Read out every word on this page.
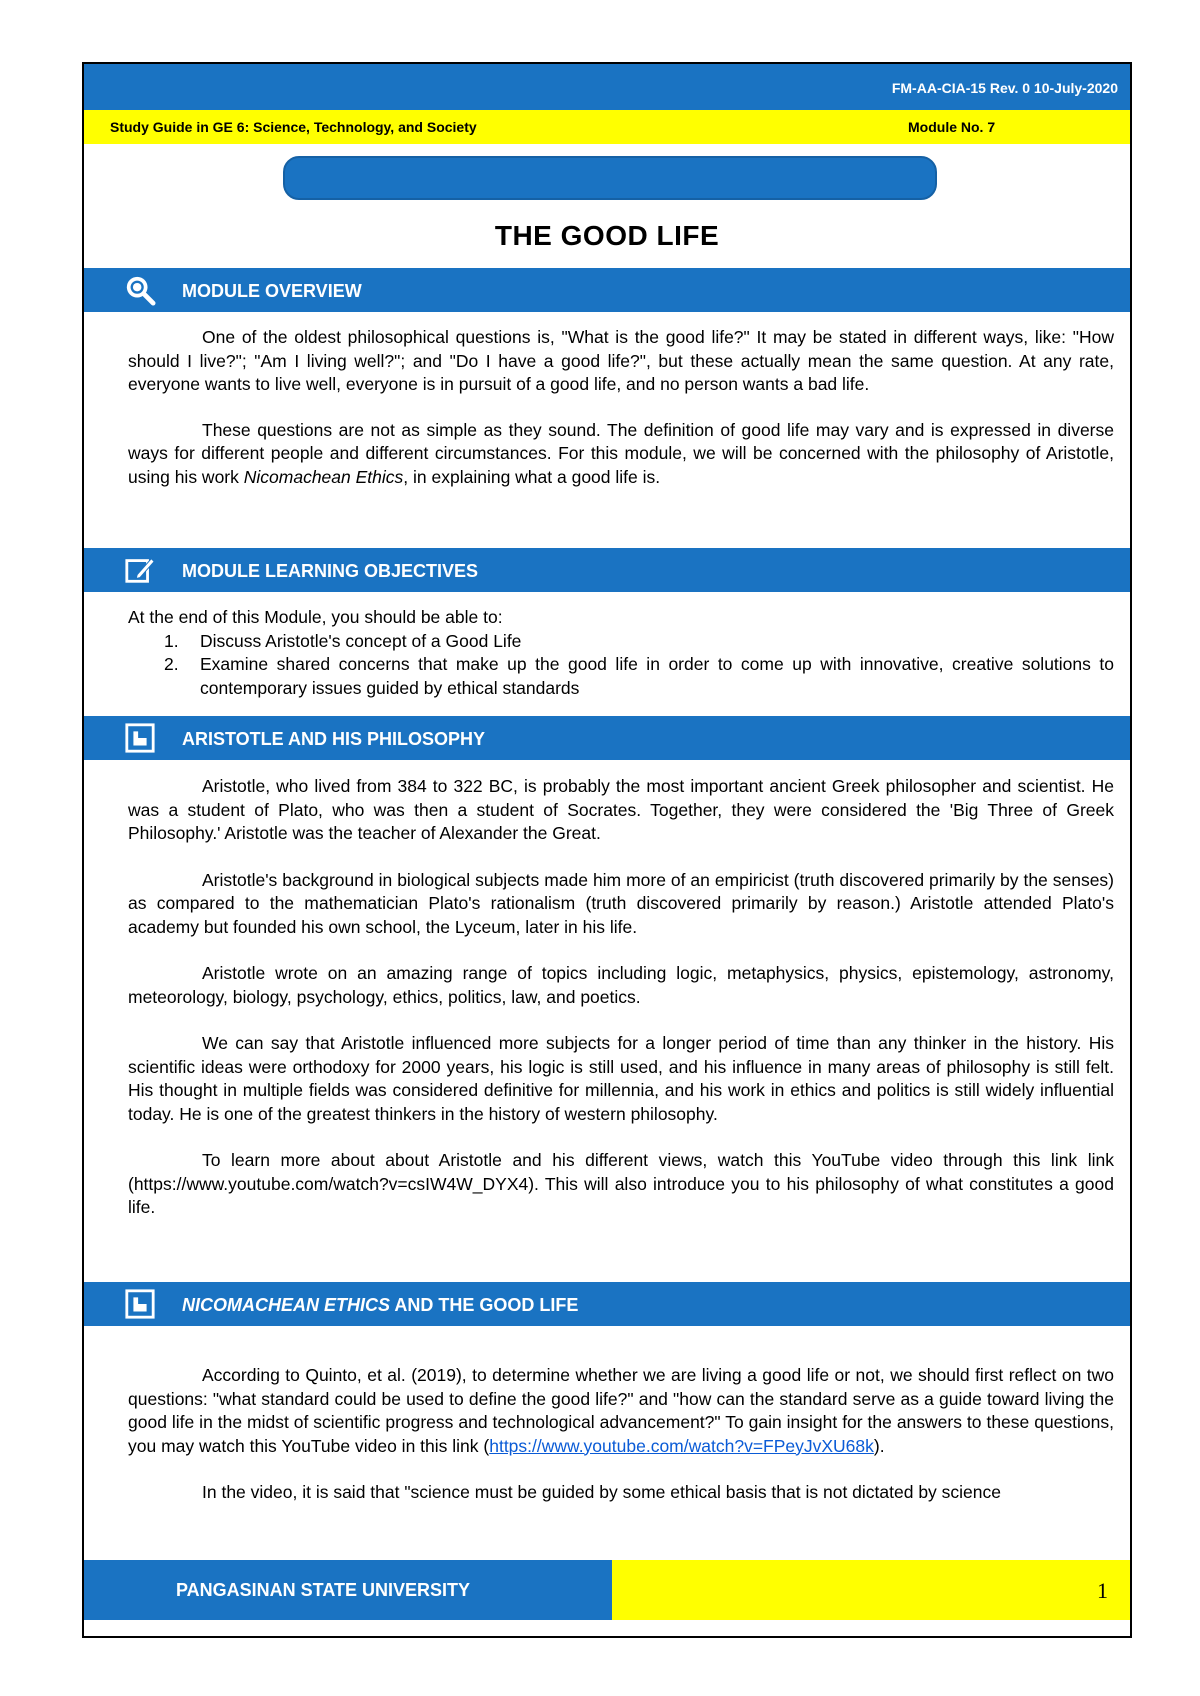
FM-AA-CIA-15 Rev. 0 10-July-2020
Study Guide in GE 6: Science, Technology, and Society	Module No. 7
THE GOOD LIFE
MODULE OVERVIEW

One of the oldest philosophical questions is, "What is the good life?" It may be stated in different ways, like: "How should I live?"; "Am I living well?"; and "Do I have a good life?", but these actually mean the same question. At any rate, everyone wants to live well, everyone is in pursuit of a good life, and no person wants a bad life.

These questions are not as simple as they sound. The definition of good life may vary and is expressed in diverse ways for different people and different circumstances. For this module, we will be concerned with the philosophy of Aristotle, using his work Nicomachean Ethics, in explaining what a good life is.

MODULE LEARNING OBJECTIVES
At the end of this Module, you should be able to:
1. Discuss Aristotle's concept of a Good Life
2. Examine shared concerns that make up the good life in order to come up with innovative, creative solutions to contemporary issues guided by ethical standards
ARISTOTLE AND HIS PHILOSOPHY

Aristotle, who lived from 384 to 322 BC, is probably the most important ancient Greek philosopher and scientist. He was a student of Plato, who was then a student of Socrates. Together, they were considered the 'Big Three of Greek Philosophy.' Aristotle was the teacher of Alexander the Great.

Aristotle's background in biological subjects made him more of an empiricist (truth discovered primarily by the senses) as compared to the mathematician Plato's rationalism (truth discovered primarily by reason.) Aristotle attended Plato's academy but founded his own school, the Lyceum, later in his life.

Aristotle wrote on an amazing range of topics including logic, metaphysics, physics, epistemology, astronomy, meteorology, biology, psychology, ethics, politics, law, and poetics.

We can say that Aristotle influenced more subjects for a longer period of time than any thinker in the history. His scientific ideas were orthodoxy for 2000 years, his logic is still used, and his influence in many areas of philosophy is still felt. His thought in multiple fields was considered definitive for millennia, and his work in ethics and politics is still widely influential today. He is one of the greatest thinkers in the history of western philosophy.

To learn more about about Aristotle and his different views, watch this YouTube video through this link link (https://www.youtube.com/watch?v=csIW4W_DYX4). This will also introduce you to his philosophy of what constitutes a good life.

NICOMACHEAN ETHICS AND THE GOOD LIFE

According to Quinto, et al. (2019), to determine whether we are living a good life or not, we should first reflect on two questions: "what standard could be used to define the good life?" and "how can the standard serve as a guide toward living the good life in the midst of scientific progress and technological advancement?" To gain insight for the answers to these questions, you may watch this YouTube video in this link (https://www.youtube.com/watch?v=FPeyJvXU68k).

In the video, it is said that "science must be guided by some ethical basis that is not dictated by science

PANGASINAN STATE UNIVERSITY	1
